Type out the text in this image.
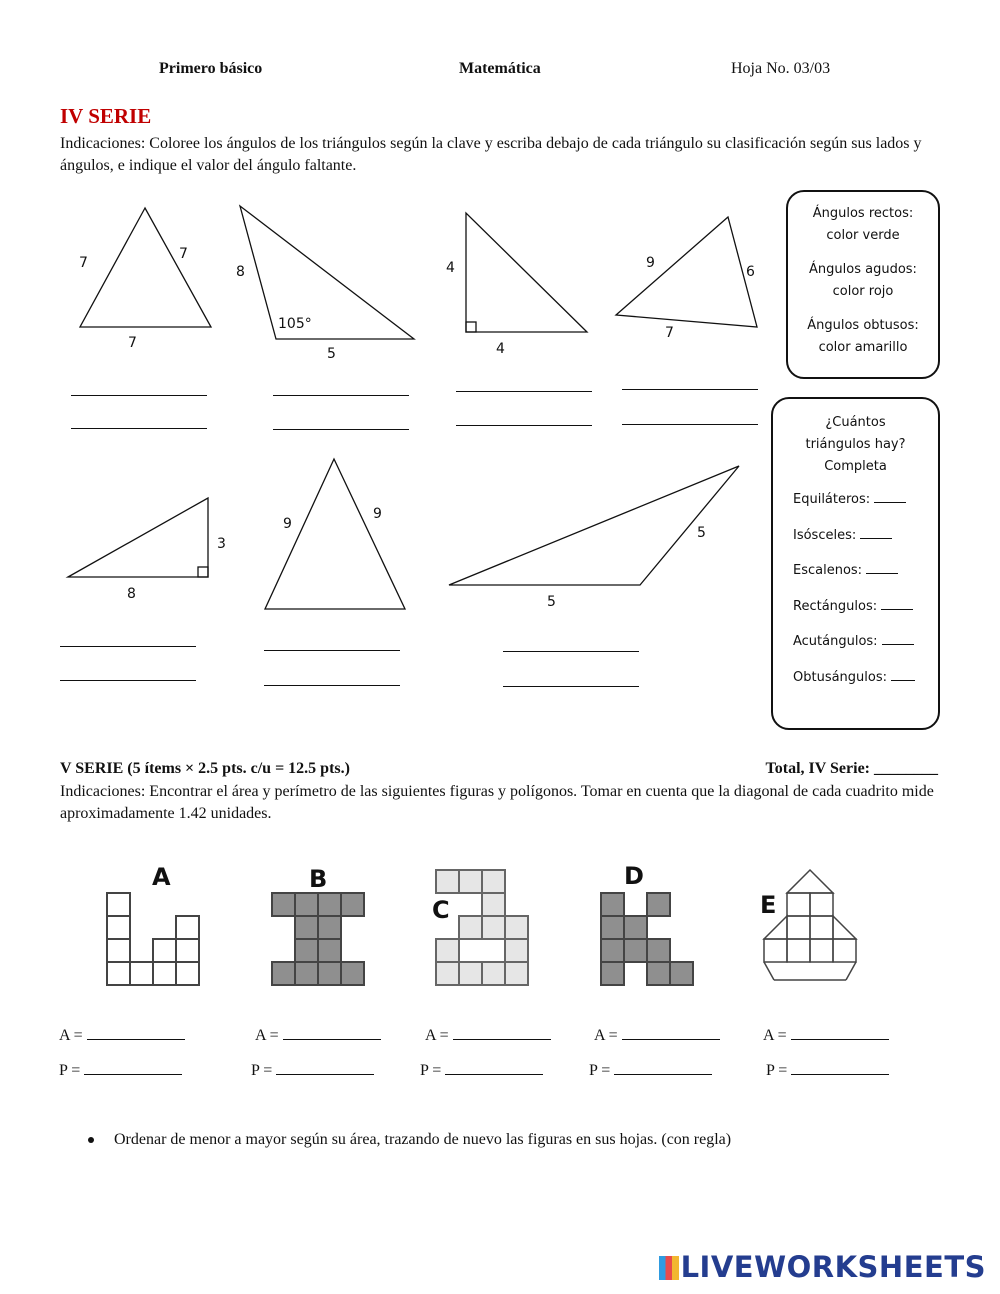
Primero básico	Matemática	Hoja No. 03/03
IV SERIE
Indicaciones: Coloree los ángulos de los triángulos según la clave y escriba debajo de cada triángulo su clasificación según sus lados y ángulos, e indique el valor del ángulo faltante.
7
7
7
8
105°
5
4
4
9
6
7
3
8
9
9
5
5

Ángulos rectos:
color verde

Ángulos agudos:
color rojo

Ángulos obtusos:
color amarillo

¿Cuántos
triángulos hay?
Completa
Equiláteros:
Isósceles:
Escalenos:
Rectángulos:
Acutángulos:
Obtusángulos:
V SERIE (5 ítems × 2.5 pts. c/u = 12.5 pts.)	Total, IV Serie: ________
Indicaciones: Encontrar el área y perímetro de las siguientes figuras y polígonos. Tomar en cuenta que la diagonal de cada cuadrito mide aproximadamente 1.42 unidades.
A	B
C
D
E
A =	A =	A =	A =	A =
P =	P =	P =	P =	P =
Ordenar de menor a mayor según su área, trazando de nuevo las figuras en sus hojas. (con regla)
LIVEWORKSHEETS
